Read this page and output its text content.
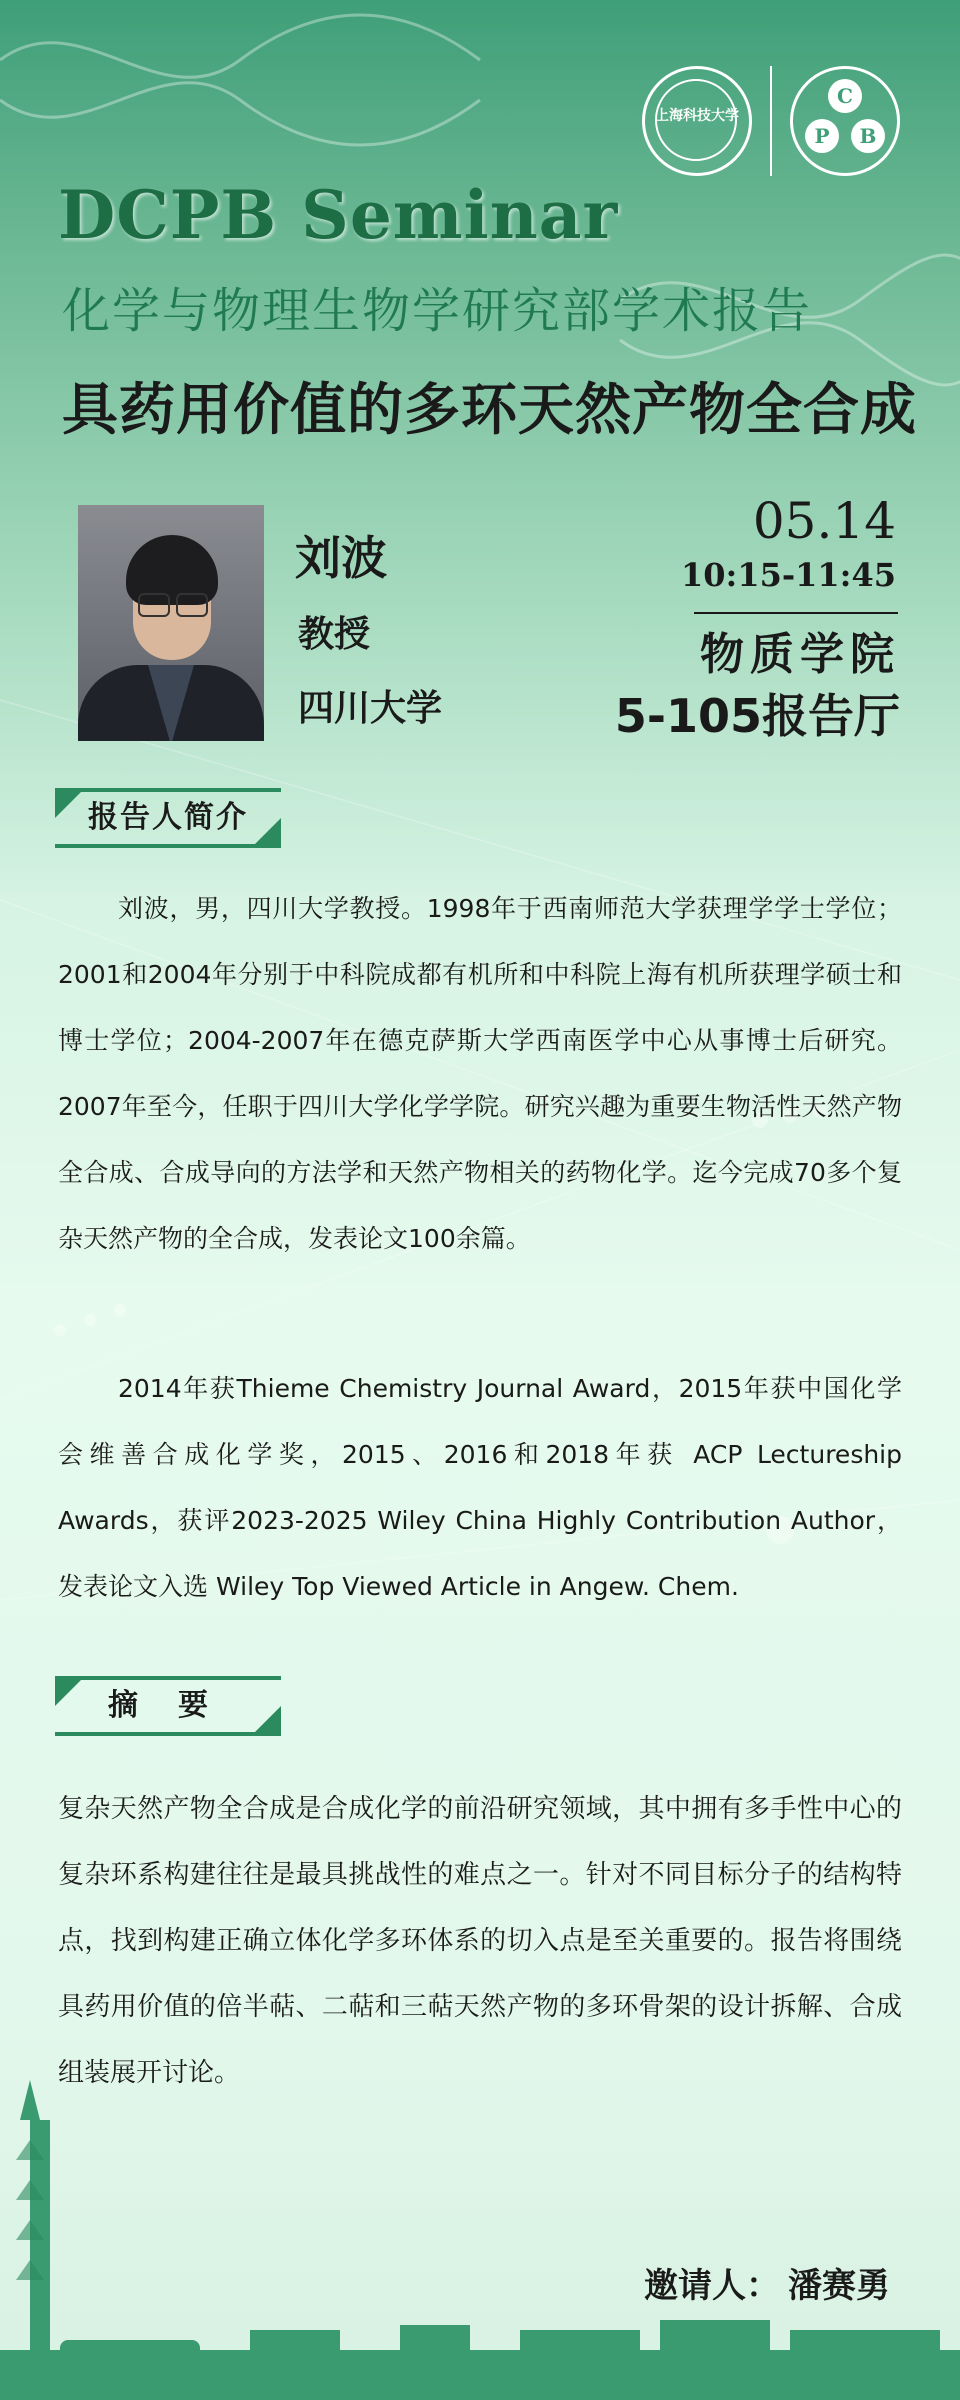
上海科技大学
C
P	B
DCPB Seminar
化学与物理生物学研究部学术报告
具药用价值的多环天然产物全合成
刘波
教授
四川大学
05.14
10:15-11:45
物质学院
5-105报告厅
报告人简介
刘波，男，四川大学教授。1998年于西南师范大学获理学学士学位；2001和2004年分别于中科院成都有机所和中科院上海有机所获理学硕士和博士学位；2004-2007年在德克萨斯大学西南医学中心从事博士后研究。2007年至今，任职于四川大学化学学院。研究兴趣为重要生物活性天然产物全合成、合成导向的方法学和天然产物相关的药物化学。迄今完成70多个复杂天然产物的全合成，发表论文100余篇。
2014年获Thieme Chemistry Journal Award，2015年获中国化学会维善合成化学奖，2015、2016和2018年获 ACP Lectureship Awards，获评2023-2025 Wiley China Highly Contribution Author，发表论文入选 Wiley Top Viewed Article in Angew. Chem.
摘要
复杂天然产物全合成是合成化学的前沿研究领域，其中拥有多手性中心的复杂环系构建往往是最具挑战性的难点之一。针对不同目标分子的结构特点，找到构建正确立体化学多环体系的切入点是至关重要的。报告将围绕具药用价值的倍半萜、二萜和三萜天然产物的多环骨架的设计拆解、合成组装展开讨论。
邀请人： 潘赛勇
